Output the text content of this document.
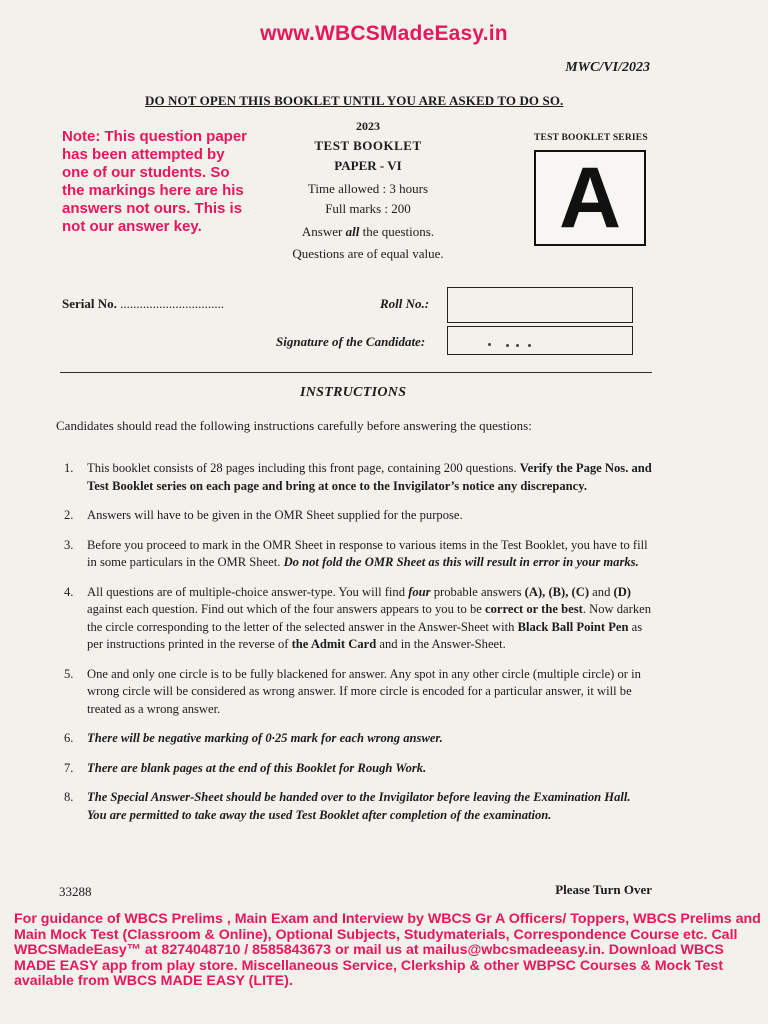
www.WBCSMadeEasy.in
MWC/VI/2023
DO NOT OPEN THIS BOOKLET UNTIL YOU ARE ASKED TO DO SO.
Note: This question paper has been attempted by one of our students. So the markings here are his answers not ours. This is not our answer key.
2023
TEST BOOKLET
PAPER - VI
Time allowed : 3 hours
Full marks : 200
Answer all the questions.
Questions are of equal value.
TEST BOOKLET SERIES
A
Serial No. ................................	Roll No.:
Signature of the Candidate:
INSTRUCTIONS
Candidates should read the following instructions carefully before answering the questions:
1. This booklet consists of 28 pages including this front page, containing 200 questions. Verify the Page Nos. and Test Booklet series on each page and bring at once to the Invigilator’s notice any discrepancy.
2. Answers will have to be given in the OMR Sheet supplied for the purpose.
3. Before you proceed to mark in the OMR Sheet in response to various items in the Test Booklet, you have to fill in some particulars in the OMR Sheet. Do not fold the OMR Sheet as this will result in error in your marks.
4. All questions are of multiple-choice answer-type. You will find four probable answers (A), (B), (C) and (D) against each question. Find out which of the four answers appears to you to be correct or the best. Now darken the circle corresponding to the letter of the selected answer in the Answer-Sheet with Black Ball Point Pen as per instructions printed in the reverse of the Admit Card and in the Answer-Sheet.
5. One and only one circle is to be fully blackened for answer. Any spot in any other circle (multiple circle) or in wrong circle will be considered as wrong answer. If more circle is encoded for a particular answer, it will be treated as a wrong answer.
6. There will be negative marking of 0·25 mark for each wrong answer.
7. There are blank pages at the end of this Booklet for Rough Work.
8. The Special Answer-Sheet should be handed over to the Invigilator before leaving the Examination Hall. You are permitted to take away the used Test Booklet after completion of the examination.
33288	Please Turn Over
For guidance of WBCS Prelims , Main Exam and Interview by WBCS Gr A Officers/ Toppers, WBCS Prelims and Main Mock Test (Classroom & Online), Optional Subjects, Studymaterials, Correspondence Course etc. Call WBCSMadeEasy™ at 8274048710 / 8585843673 or mail us at mailus@wbcsmadeeasy.in. Download WBCS MADE EASY app from play store. Miscellaneous Service, Clerkship & other WBPSC Courses & Mock Test available from WBCS MADE EASY (LITE).
